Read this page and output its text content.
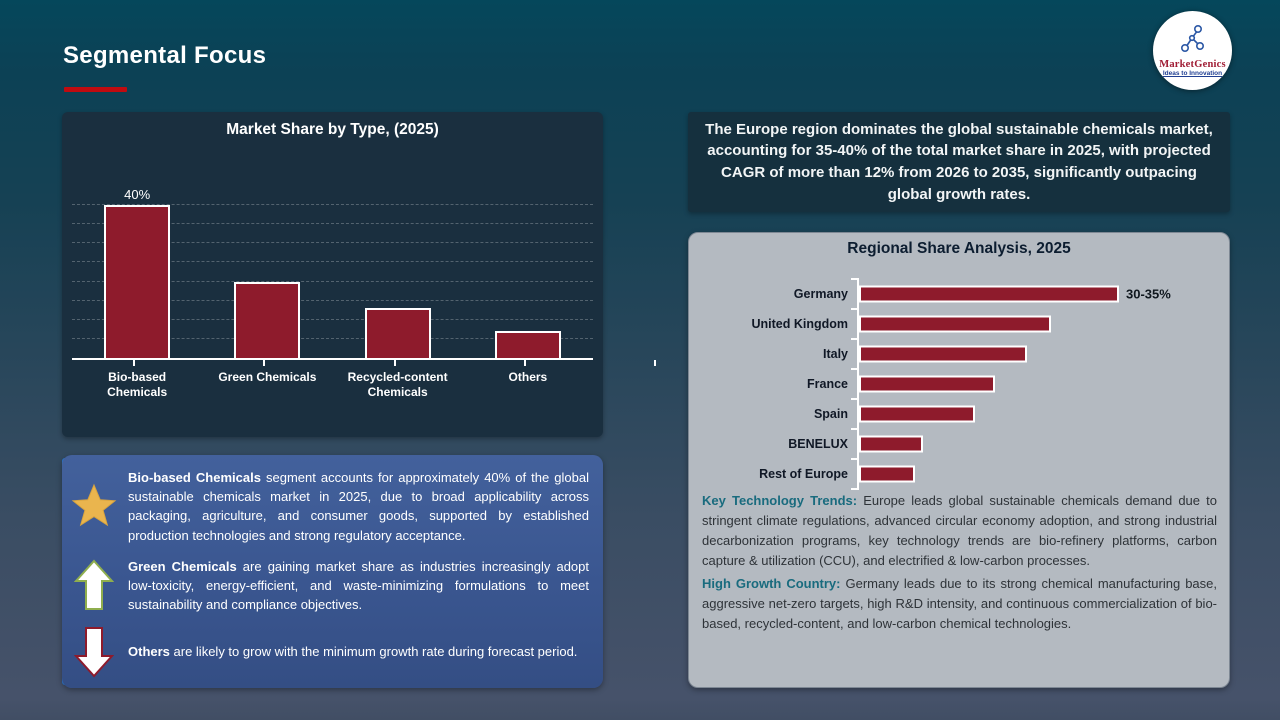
Segmental Focus	MarketGenics
Ideas to Innovation
Market Share by Type, (2025)
40%
Bio-based Chemicals
Green Chemicals	Recycled-content Chemicals
Others

Bio-based Chemicals segment accounts for approximately 40% of the global sustainable chemicals market in 2025, due to broad applicability across packaging, agriculture, and consumer goods, supported by established production technologies and strong regulatory acceptance.

Green Chemicals are gaining market share as industries increasingly adopt low-toxicity, energy-efficient, and waste-minimizing formulations to meet sustainability and compliance objectives.

Others are likely to grow with the minimum growth rate during forecast period.

The Europe region dominates the global sustainable chemicals market, accounting for 35-40% of the total market share in 2025, with projected CAGR of more than 12% from 2026 to 2035, significantly outpacing global growth rates.

Regional Share Analysis, 2025
Germany	30-35%
United Kingdom
Italy
France
Spain
BENELUX
Rest of Europe

Key Technology Trends: Europe leads global sustainable chemicals demand due to stringent climate regulations, advanced circular economy adoption, and strong industrial decarbonization programs, key technology trends are bio-refinery platforms, carbon capture & utilization (CCU), and electrified & low-carbon processes.

High Growth Country: Germany leads due to its strong chemical manufacturing base, aggressive net-zero targets, high R&D intensity, and continuous commercialization of bio-based, recycled-content, and low-carbon chemical technologies.
